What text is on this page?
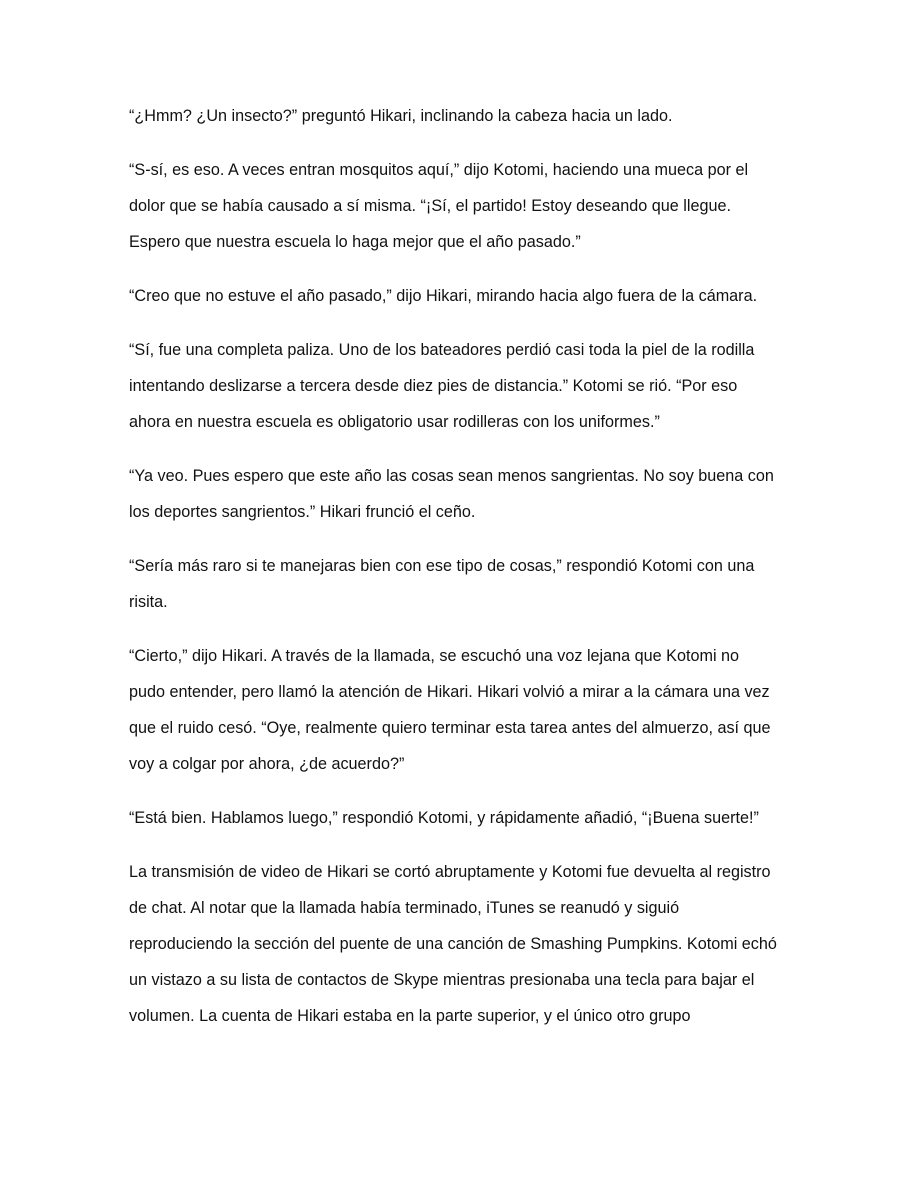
“¿Hmm? ¿Un insecto?” preguntó Hikari, inclinando la cabeza hacia un lado.

“S-sí, es eso. A veces entran mosquitos aquí,” dijo Kotomi, haciendo una mueca por el dolor que se había causado a sí misma. “¡Sí, el partido! Estoy deseando que llegue. Espero que nuestra escuela lo haga mejor que el año pasado.”

“Creo que no estuve el año pasado,” dijo Hikari, mirando hacia algo fuera de la cámara.

“Sí, fue una completa paliza. Uno de los bateadores perdió casi toda la piel de la rodilla intentando deslizarse a tercera desde diez pies de distancia.” Kotomi se rió. “Por eso ahora en nuestra escuela es obligatorio usar rodilleras con los uniformes.”

“Ya veo. Pues espero que este año las cosas sean menos sangrientas. No soy buena con los deportes sangrientos.” Hikari frunció el ceño.

“Sería más raro si te manejaras bien con ese tipo de cosas,” respondió Kotomi con una risita.

“Cierto,” dijo Hikari. A través de la llamada, se escuchó una voz lejana que Kotomi no pudo entender, pero llamó la atención de Hikari. Hikari volvió a mirar a la cámara una vez que el ruido cesó. “Oye, realmente quiero terminar esta tarea antes del almuerzo, así que voy a colgar por ahora, ¿de acuerdo?”

“Está bien. Hablamos luego,” respondió Kotomi, y rápidamente añadió, “¡Buena suerte!”

La transmisión de video de Hikari se cortó abruptamente y Kotomi fue devuelta al registro de chat. Al notar que la llamada había terminado, iTunes se reanudó y siguió reproduciendo la sección del puente de una canción de Smashing Pumpkins. Kotomi echó un vistazo a su lista de contactos de Skype mientras presionaba una tecla para bajar el volumen. La cuenta de Hikari estaba en la parte superior, y el único otro grupo
